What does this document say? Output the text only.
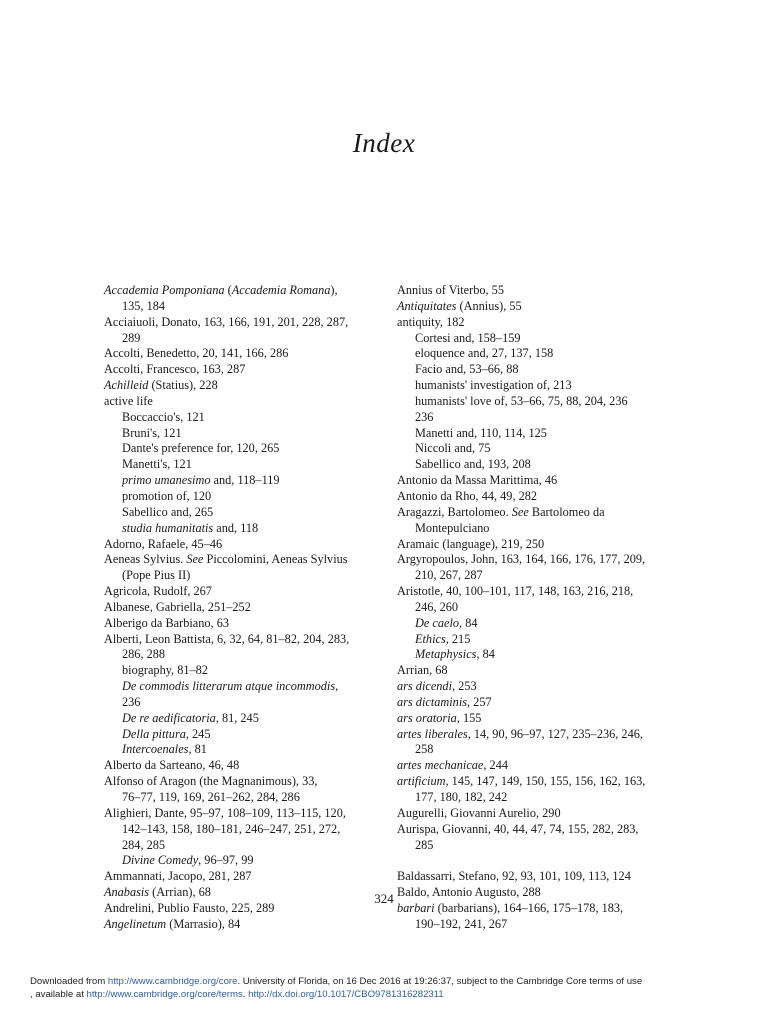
Index
Accademia Pomponiana (Accademia Romana),
135, 184
Acciaiuoli, Donato, 163, 166, 191, 201, 228, 287,
289
Accolti, Benedetto, 20, 141, 166, 286
Accolti, Francesco, 163, 287
Achilleid (Statius), 228
active life
Boccaccio's, 121
Bruni's, 121
Dante's preference for, 120, 265
Manetti's, 121
primo umanesimo and, 118–119
promotion of, 120
Sabellico and, 265
studia humanitatis and, 118
Adorno, Rafaele, 45–46
Aeneas Sylvius. See Piccolomini, Aeneas Sylvius
(Pope Pius II)
Agricola, Rudolf, 267
Albanese, Gabriella, 251–252
Alberigo da Barbiano, 63
Alberti, Leon Battista, 6, 32, 64, 81–82, 204, 283,
286, 288
biography, 81–82
De commodis litterarum atque incommodis,
236
De re aedificatoria, 81, 245
Della pittura, 245
Intercoenales, 81
Alberto da Sarteano, 46, 48
Alfonso of Aragon (the Magnanimous), 33,
76–77, 119, 169, 261–262, 284, 286
Alighieri, Dante, 95–97, 108–109, 113–115, 120,
142–143, 158, 180–181, 246–247, 251, 272,
284, 285
Divine Comedy, 96–97, 99
Ammannati, Jacopo, 281, 287
Anabasis (Arrian), 68
Andrelini, Publio Fausto, 225, 289
Angelinetum (Marrasio), 84
Annius of Viterbo, 55
Antiquitates (Annius), 55
antiquity, 182
Cortesi and, 158–159
eloquence and, 27, 137, 158
Facio and, 53–66, 88
humanists' investigation of, 213
humanists' love of, 53–66, 75, 88, 204, 236
236
Manetti and, 110, 114, 125
Niccoli and, 75
Sabellico and, 193, 208
Antonio da Massa Marittima, 46
Antonio da Rho, 44, 49, 282
Aragazzi, Bartolomeo. See Bartolomeo da
Montepulciano
Aramaic (language), 219, 250
Argyropoulos, John, 163, 164, 166, 176, 177, 209,
210, 267, 287
Aristotle, 40, 100–101, 117, 148, 163, 216, 218,
246, 260
De caelo, 84
Ethics, 215
Metaphysics, 84
Arrian, 68
ars dicendi, 253
ars dictaminis, 257
ars oratoria, 155
artes liberales, 14, 90, 96–97, 127, 235–236, 246,
258
artes mechanicae, 244
artificium, 145, 147, 149, 150, 155, 156, 162, 163,
177, 180, 182, 242
Augurelli, Giovanni Aurelio, 290
Aurispa, Giovanni, 40, 44, 47, 74, 155, 282, 283,
285
Baldassarri, Stefano, 92, 93, 101, 109, 113, 124
Baldo, Antonio Augusto, 288
barbari (barbarians), 164–166, 175–178, 183,
190–192, 241, 267
324
Downloaded from http://www.cambridge.org/core. University of Florida, on 16 Dec 2016 at 19:26:37, subject to the Cambridge Core terms of use
, available at http://www.cambridge.org/core/terms. http://dx.doi.org/10.1017/CBO9781316282311
